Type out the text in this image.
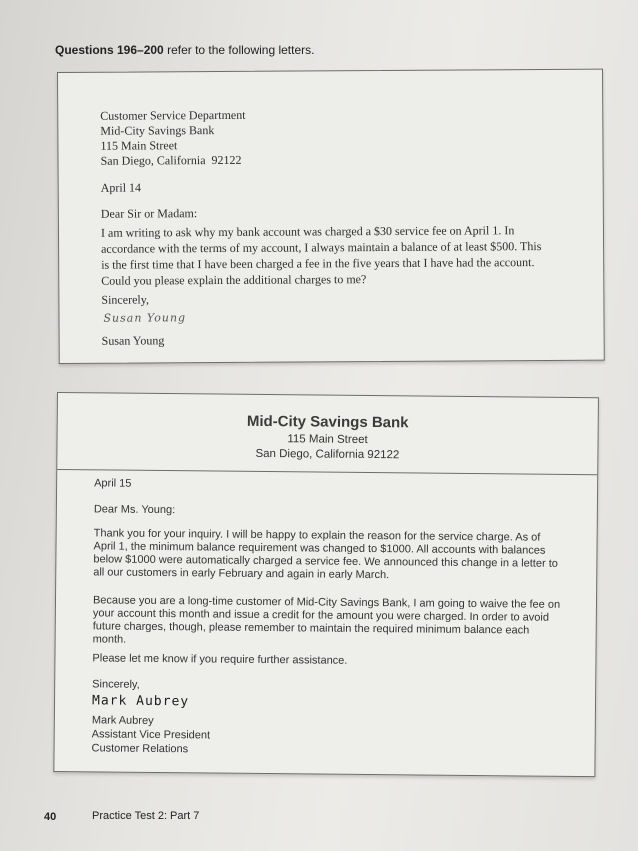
Questions 196–200 refer to the following letters.
Customer Service Department
Mid-City Savings Bank
115 Main Street
San Diego, California  92122
April 14
Dear Sir or Madam:
I am writing to ask why my bank account was charged a $30 service fee on April 1. In accordance with the terms of my account, I always maintain a balance of at least $500. This is the first time that I have been charged a fee in the five years that I have had the account. Could you please explain the additional charges to me?
Sincerely,
Susan Young
Susan Young
Mid-City Savings Bank
115 Main Street
San Diego, California 92122
April 15
Dear Ms. Young:
Thank you for your inquiry. I will be happy to explain the reason for the service charge. As of April 1, the minimum balance requirement was changed to $1000. All accounts with balances below $1000 were automatically charged a service fee. We announced this change in a letter to all our customers in early February and again in early March.
Because you are a long-time customer of Mid-City Savings Bank, I am going to waive the fee on your account this month and issue a credit for the amount you were charged. In order to avoid future charges, though, please remember to maintain the required minimum balance each month.
Please let me know if you require further assistance.
Sincerely,
Mark Aubrey
Mark Aubrey
Assistant Vice President
Customer Relations
40	Practice Test 2: Part 7
